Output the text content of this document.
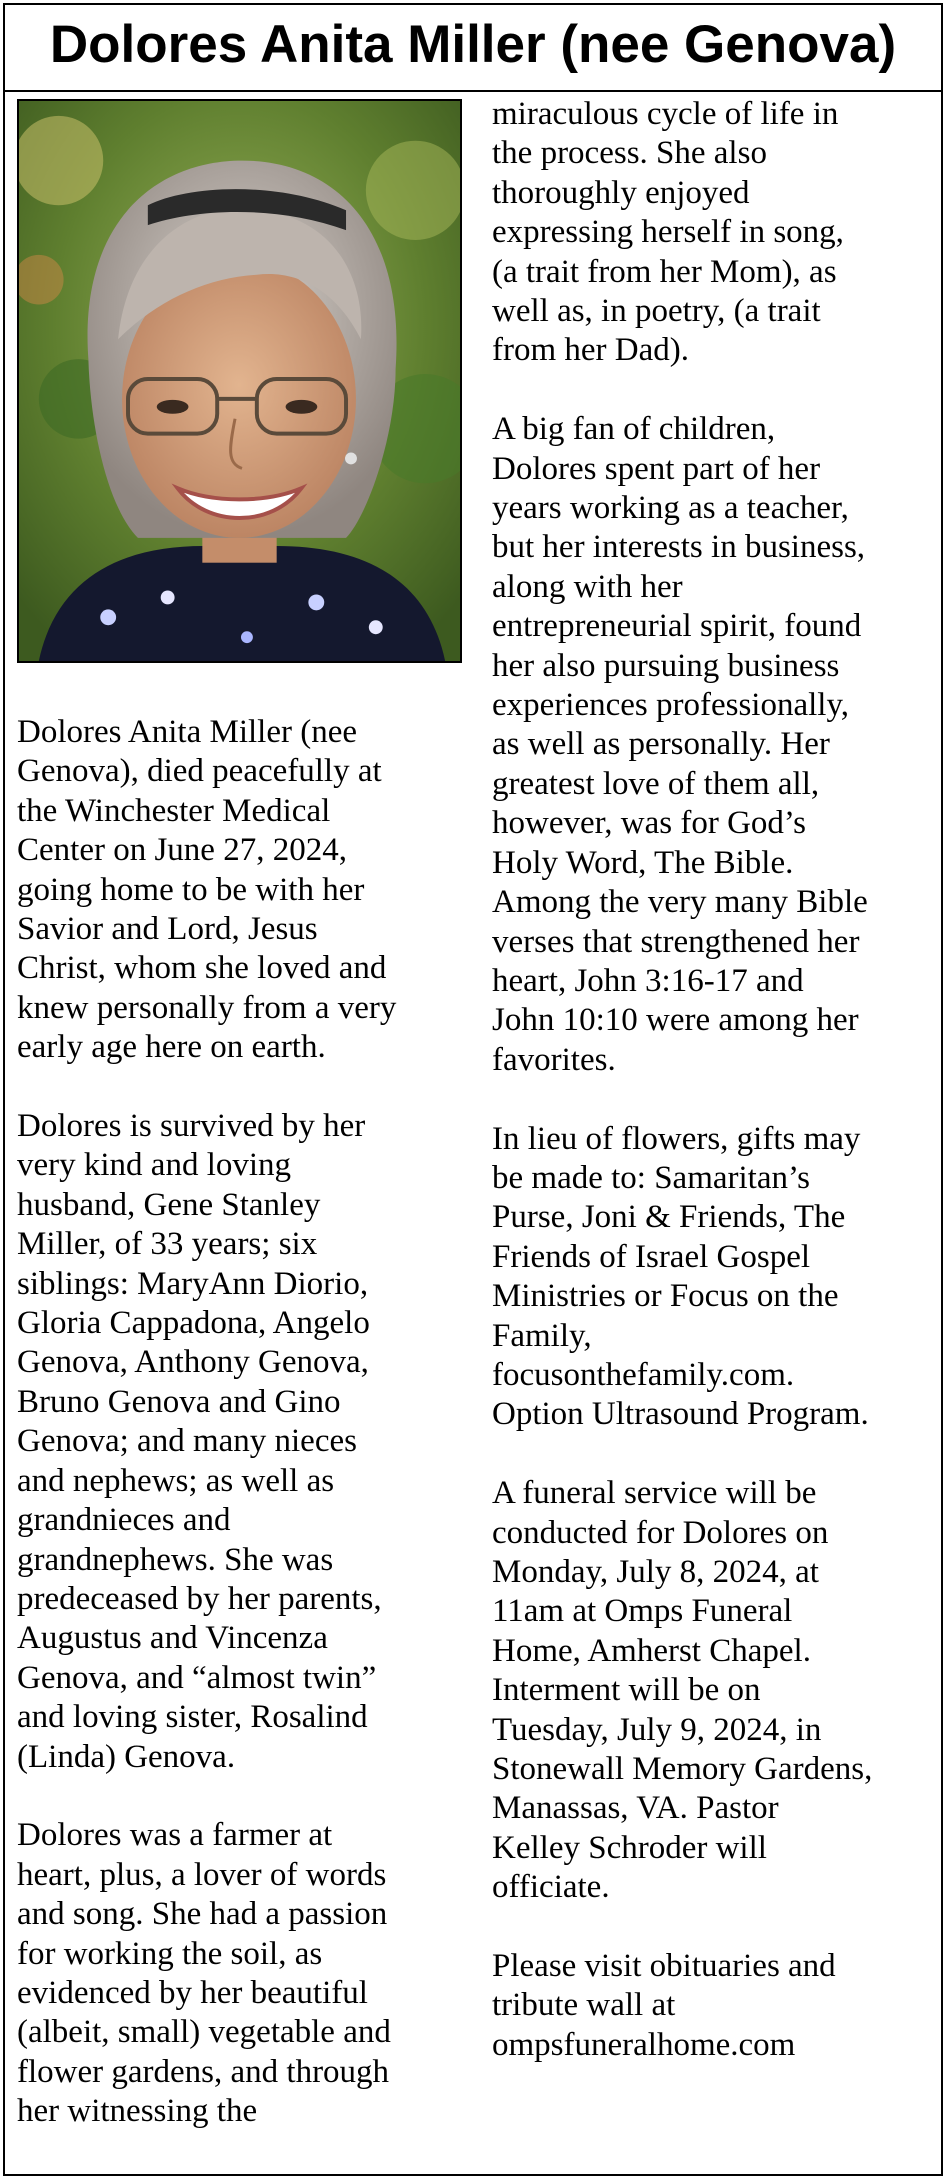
Dolores Anita Miller (nee Genova)

Dolores Anita Miller (nee
Genova), died peacefully at
the Winchester Medical
Center on June 27, 2024,
going home to be with her
Savior and Lord, Jesus
Christ, whom she loved and
knew personally from a very
early age here on earth.

Dolores is survived by her
very kind and loving
husband, Gene Stanley
Miller, of 33 years; six
siblings: MaryAnn Diorio,
Gloria Cappadona, Angelo
Genova, Anthony Genova,
Bruno Genova and Gino
Genova; and many nieces
and nephews; as well as
grandnieces and
grandnephews. She was
predeceased by her parents,
Augustus and Vincenza
Genova, and “almost twin”
and loving sister, Rosalind
(Linda) Genova.

Dolores was a farmer at
heart, plus, a lover of words
and song. She had a passion
for working the soil, as
evidenced by her beautiful
(albeit, small) vegetable and
flower gardens, and through
her witnessing the

miraculous cycle of life in
the process. She also
thoroughly enjoyed
expressing herself in song,
(a trait from her Mom), as
well as, in poetry, (a trait
from her Dad).

A big fan of children,
Dolores spent part of her
years working as a teacher,
but her interests in business,
along with her
entrepreneurial spirit, found
her also pursuing business
experiences professionally,
as well as personally. Her
greatest love of them all,
however, was for God’s
Holy Word, The Bible.
Among the very many Bible
verses that strengthened her
heart, John 3:16-17 and
John 10:10 were among her
favorites.

In lieu of flowers, gifts may
be made to: Samaritan’s
Purse, Joni & Friends, The
Friends of Israel Gospel
Ministries or Focus on the
Family,
focusonthefamily.com.
Option Ultrasound Program.

A funeral service will be
conducted for Dolores on
Monday, July 8, 2024, at
11am at Omps Funeral
Home, Amherst Chapel.
Interment will be on
Tuesday, July 9, 2024, in
Stonewall Memory Gardens,
Manassas, VA. Pastor
Kelley Schroder will
officiate.

Please visit obituaries and
tribute wall at
ompsfuneralhome.com
